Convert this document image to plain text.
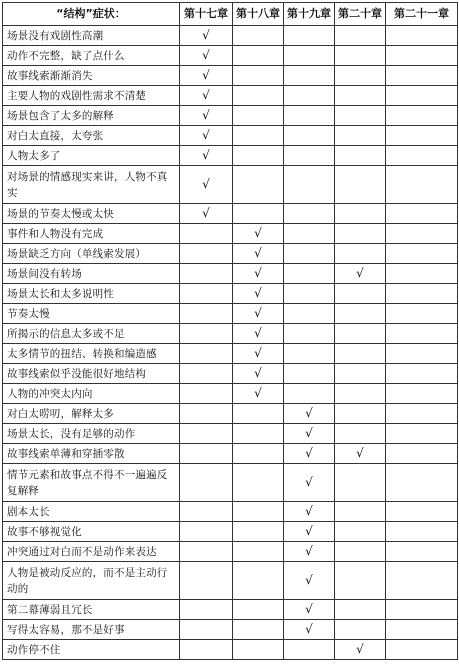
“结构”症状：	第十七章	第十八章	第十九章	第二十章	第二十一章
场景没有戏剧性高潮	√				
动作不完整，缺了点什么	√				
故事线索渐渐消失	√				
主要人物的戏剧性需求不清楚	√				
场景包含了太多的解释	√				
对白太直接，太夸张	√				
人物太多了	√				
对场景的情感现实来讲，人物不真实	√				
场景的节奏太慢或太快	√				
事件和人物没有完成		√			
场景缺乏方向（单线索发展）		√			
场景间没有转场		√		√	
场景太长和太多说明性		√			
节奏太慢		√			
所揭示的信息太多或不足		√			
太多情节的扭结、转换和编造感		√			
故事线索似乎没能很好地结构		√			
人物的冲突太内向		√			
对白太唠叨，解释太多			√		
场景太长，没有足够的动作			√		
故事线索单薄和穿插零散			√	√	
情节元素和故事点不得不一遍遍反复解释			√		
剧本太长			√		
故事不够视觉化			√		
冲突通过对白而不是动作来表达			√		
人物是被动反应的，而不是主动行动的			√		
第二幕薄弱且冗长			√		
写得太容易，那不是好事			√		
动作停不住				√	
